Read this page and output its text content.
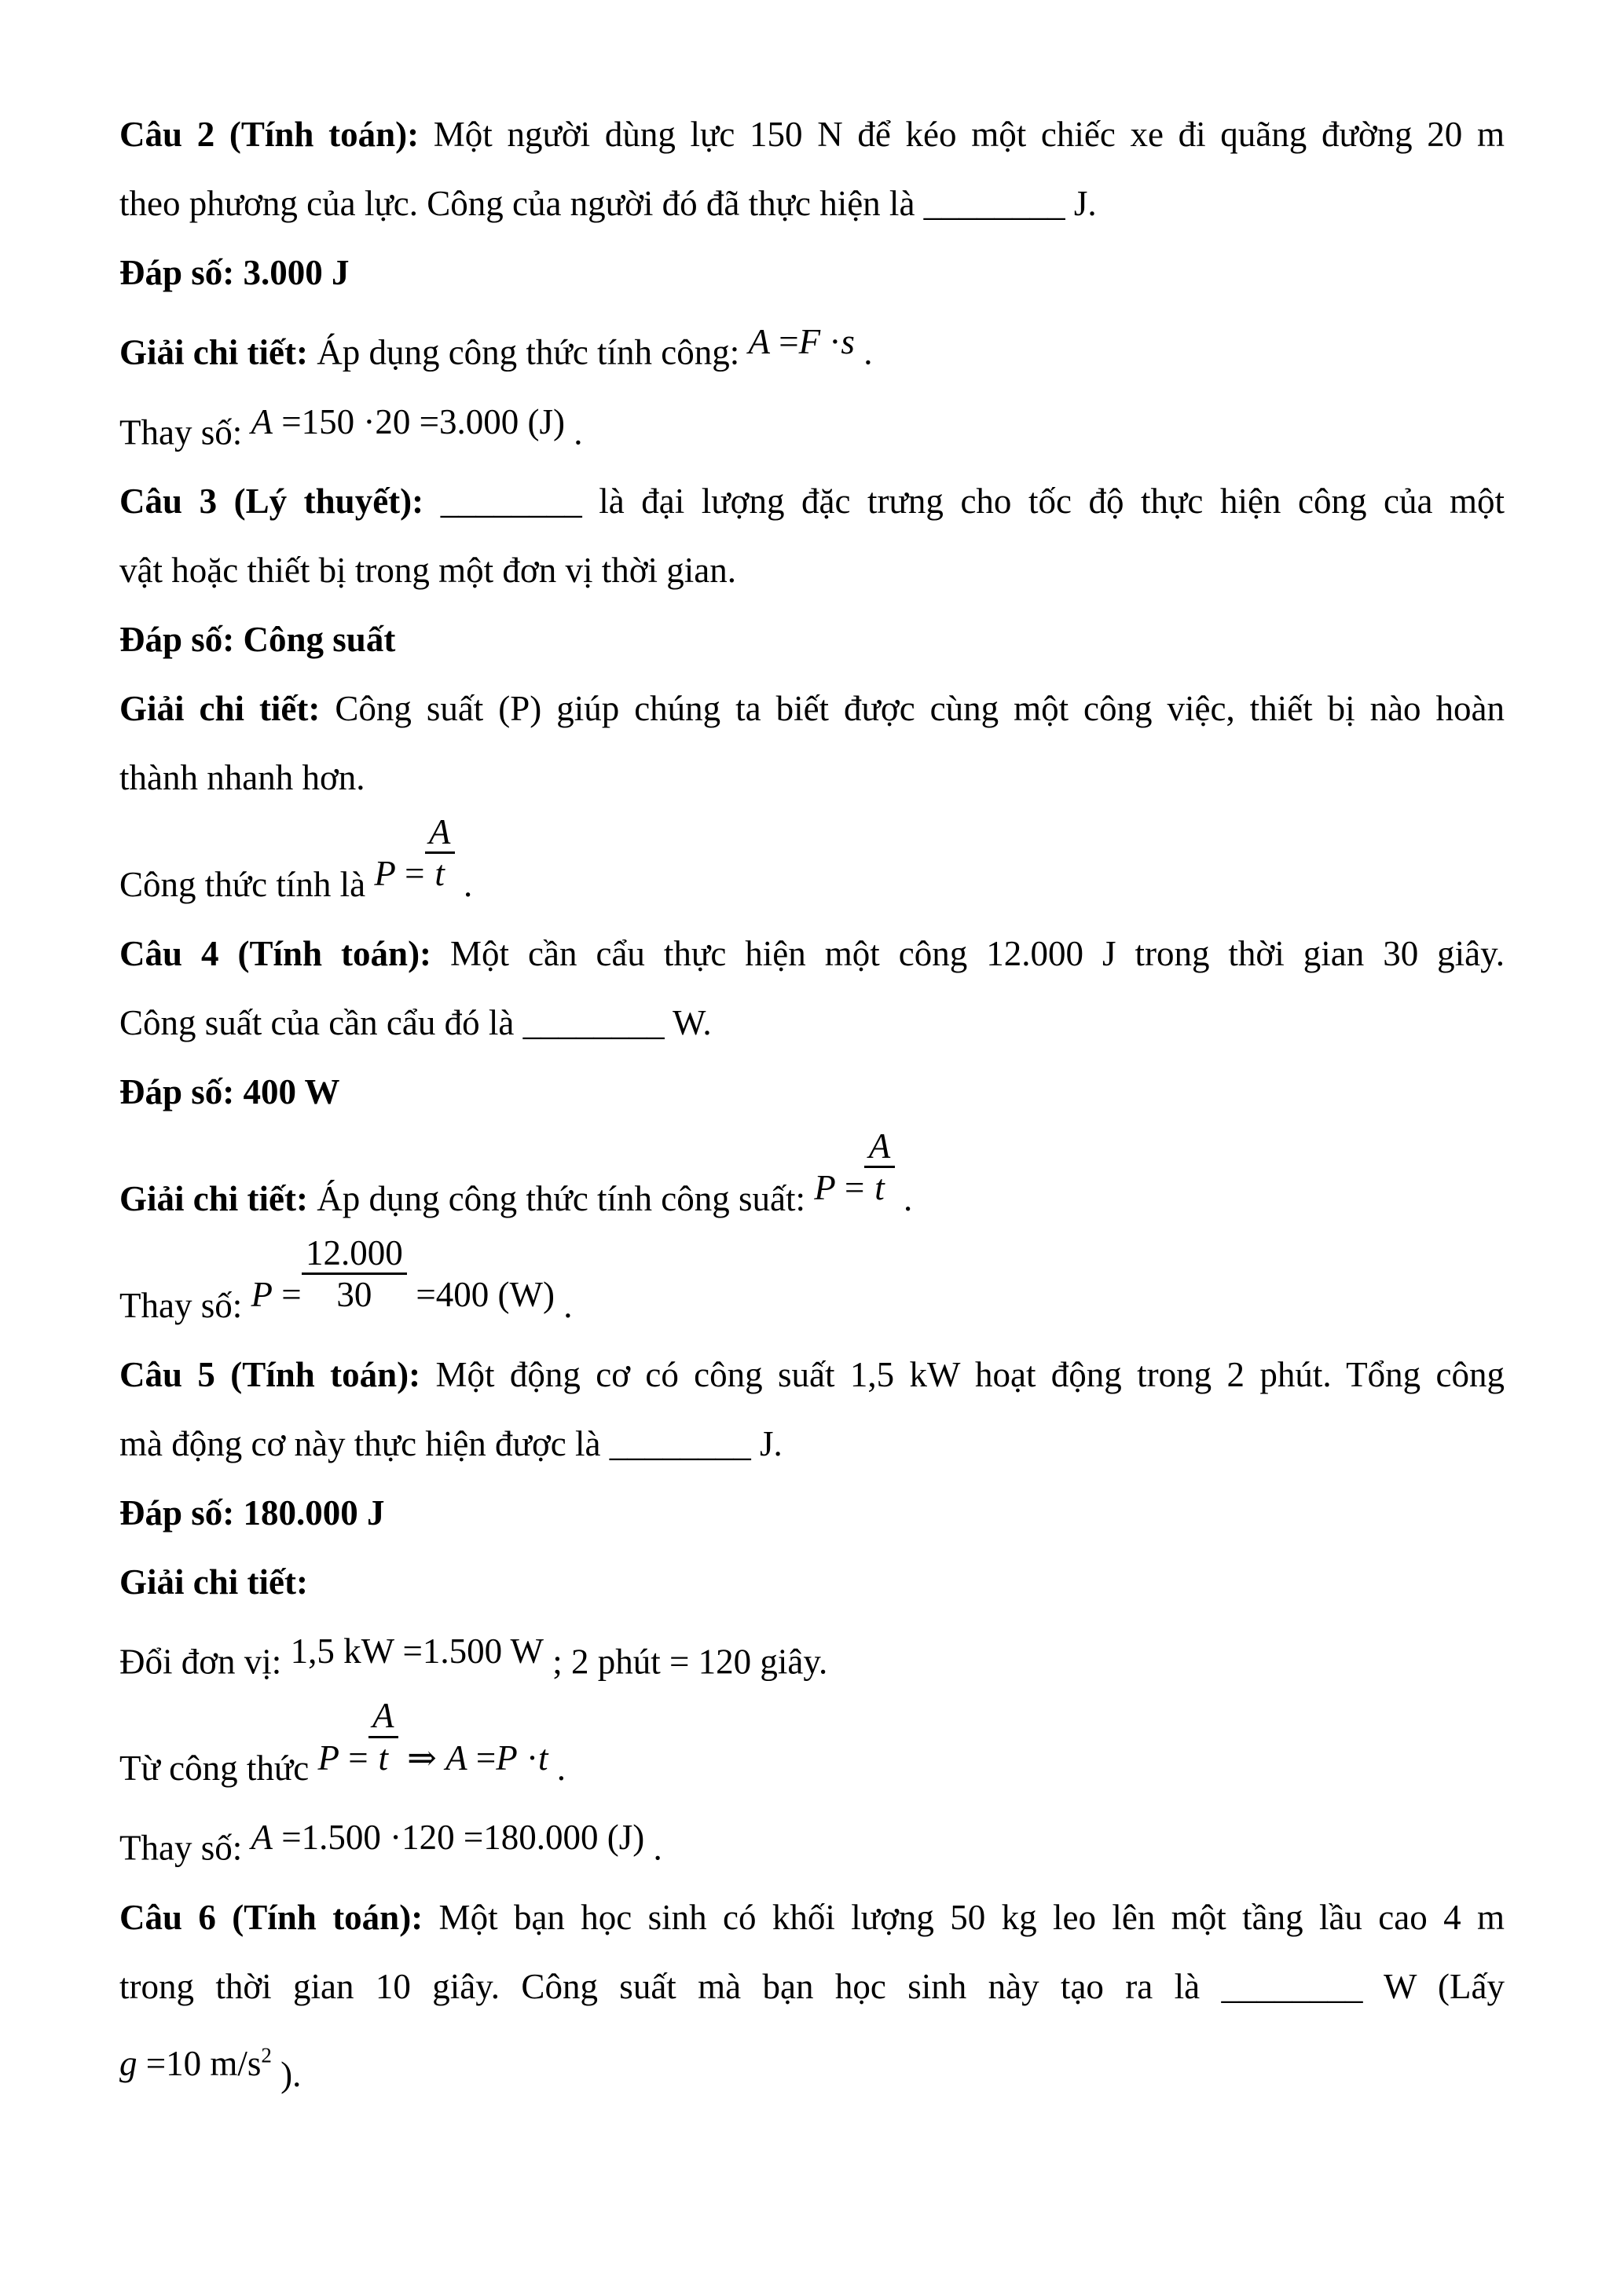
Câu 2 (Tính toán): Một người dùng lực 150 N để kéo một chiếc xe đi quãng đường 20 m
theo phương của lực. Công của người đó đã thực hiện là ________ J.
Đáp số: 3.000 J
Giải chi tiết: Áp dụng công thức tính công: A =F ·s .
Thay số: A =150 ·20 =3.000 (J) .
Câu 3 (Lý thuyết): ________ là đại lượng đặc trưng cho tốc độ thực hiện công của một
vật hoặc thiết bị trong một đơn vị thời gian.
Đáp số: Công suất
Giải chi tiết: Công suất (P) giúp chúng ta biết được cùng một công việc, thiết bị nào hoàn
thành nhanh hơn.
Công thức tính là $P = \frac{A}{t}$ .
Câu 4 (Tính toán): Một cần cẩu thực hiện một công 12.000 J trong thời gian 30 giây.
Công suất của cần cẩu đó là ________ W.
Đáp số: 400 W
Giải chi tiết: Áp dụng công thức tính công suất: $P = \frac{A}{t}$ .
Thay số: $P = \frac{12.000}{30} =400$ (W) .
Câu 5 (Tính toán): Một động cơ có công suất 1,5 kW hoạt động trong 2 phút. Tổng công
mà động cơ này thực hiện được là ________ J.
Đáp số: 180.000 J
Giải chi tiết:
Đổi đơn vị: 1,5 kW =1.500 W ; 2 phút = 120 giây.
Từ công thức $P = \frac{A}{t}$ ⇒ A =P ·t .
Thay số: A =1.500 ·120 =180.000 (J) .
Câu 6 (Tính toán): Một bạn học sinh có khối lượng 50 kg leo lên một tầng lầu cao 4 m
trong thời gian 10 giây. Công suất mà bạn học sinh này tạo ra là ________ W (Lấy
g =10 $m/s^2$ ).
